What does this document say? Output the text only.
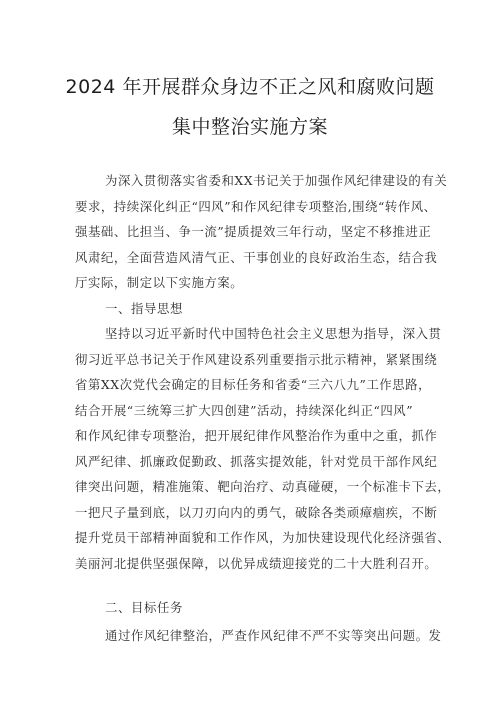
2024 年开展群众身边不正之风和腐败问题
集中整治实施方案
为深入贯彻落实省委和XX书记关于加强作风纪律建设的有关
要求，持续深化纠正“四风”和作风纪律专项整治,围绕“转作风、
强基础、比担当、争一流”提质提效三年行动，坚定不移推进正
风肃纪，全面营造风清气正、干事创业的良好政治生态，结合我
厅实际，制定以下实施方案。
一、指导思想
坚持以习近平新时代中国特色社会主义思想为指导，深入贯
彻习近平总书记关于作风建设系列重要指示批示精神，紧紧围绕
省第XX次党代会确定的目标任务和省委“三六八九”工作思路，
结合开展“三统筹三扩大四创建”活动，持续深化纠正“四风”
和作风纪律专项整治，把开展纪律作风整治作为重中之重，抓作
风严纪律、抓廉政促勤政、抓落实提效能，针对党员干部作风纪
律突出问题，精准施策、靶向治疗、动真碰硬，一个标准卡下去，
一把尺子量到底，以刀刃向内的勇气，破除各类顽瘴痼疾，不断
提升党员干部精神面貌和工作作风，为加快建设现代化经济强省、
美丽河北提供坚强保障，以优异成绩迎接党的二十大胜利召开。
二、目标任务
通过作风纪律整治，严查作风纪律不严不实等突出问题。发
